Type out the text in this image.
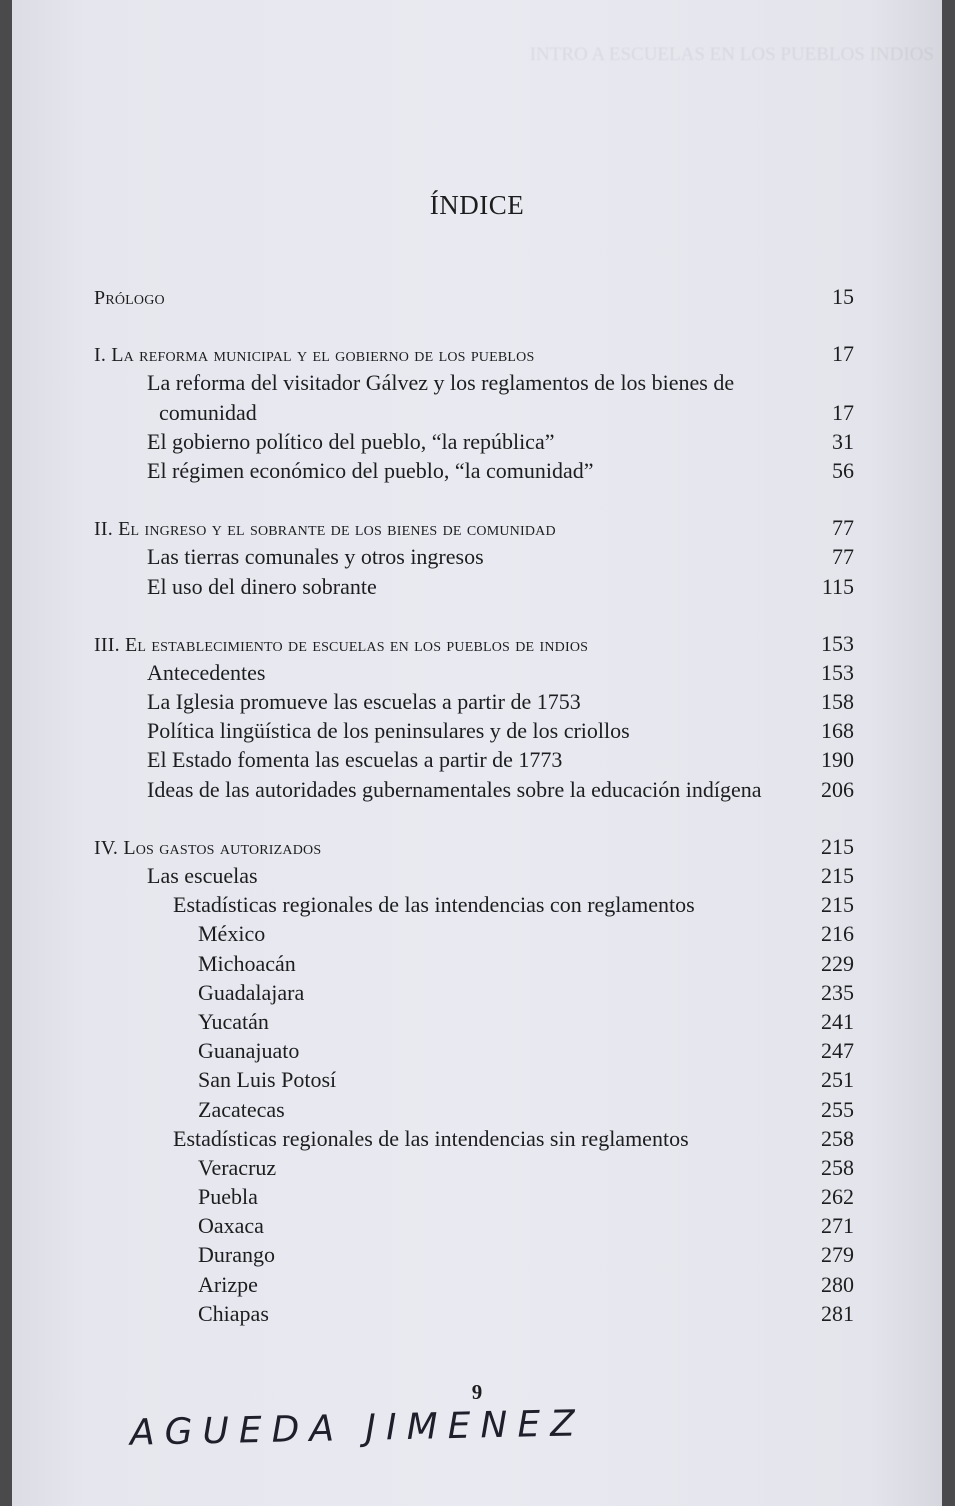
INTRO A ESCUELAS EN LOS PUEBLOS INDIOS
ÍNDICE
Prólogo	15
I. La reforma municipal y el gobierno de los pueblos	17
La reforma del visitador Gálvez y los reglamentos de los bienes de comunidad	17
El gobierno político del pueblo, “la república”	31
El régimen económico del pueblo, “la comunidad”	56
II. El ingreso y el sobrante de los bienes de comunidad	77
Las tierras comunales y otros ingresos	77
El uso del dinero sobrante	115
III. El establecimiento de escuelas en los pueblos de indios	153
Antecedentes	153
La Iglesia promueve las escuelas a partir de 1753	158
Política lingüística de los peninsulares y de los criollos	168
El Estado fomenta las escuelas a partir de 1773	190
Ideas de las autoridades gubernamentales sobre la educación indígena	206
IV. Los gastos autorizados	215
Las escuelas	215
Estadísticas regionales de las intendencias con reglamentos	215
México	216
Michoacán	229
Guadalajara	235
Yucatán	241
Guanajuato	247
San Luis Potosí	251
Zacatecas	255
Estadísticas regionales de las intendencias sin reglamentos	258
Veracruz	258
Puebla	262
Oaxaca	271
Durango	279
Arizpe	280
Chiapas	281
9
AGUEDA JIMENEZ
